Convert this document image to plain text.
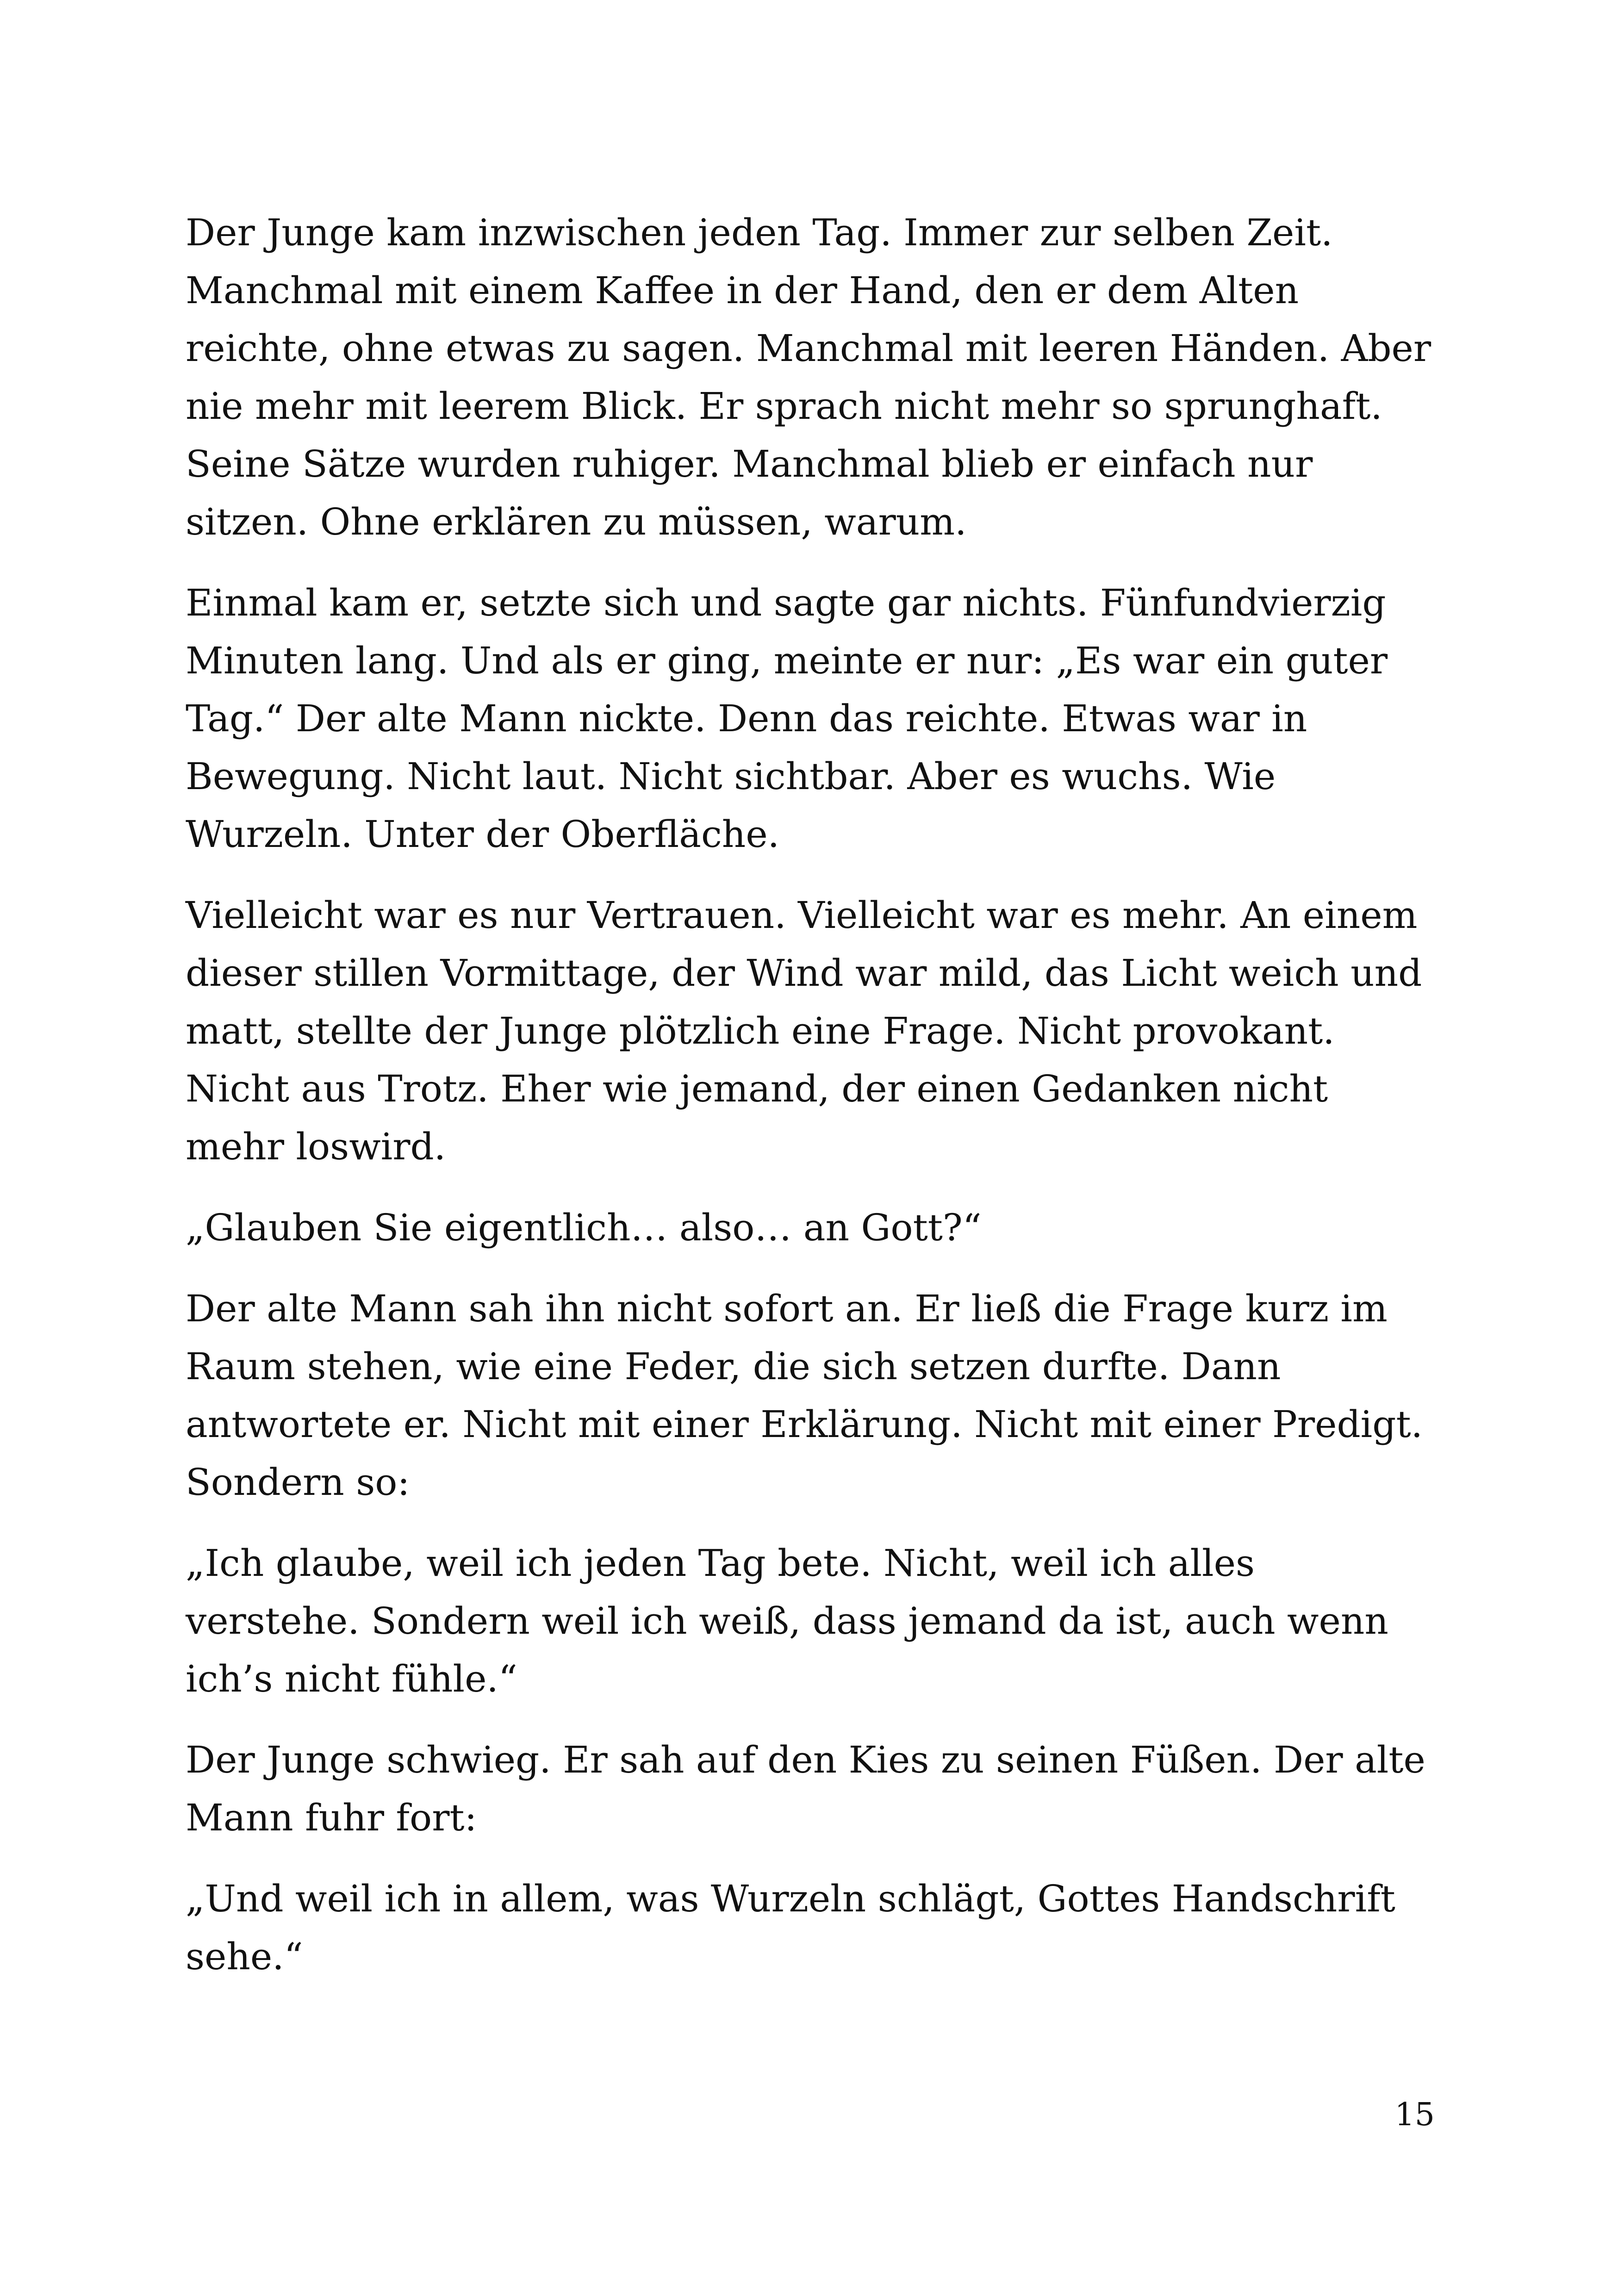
Der Junge kam inzwischen jeden Tag. Immer zur selben Zeit. Manchmal mit einem Kaffee in der Hand, den er dem Alten reichte, ohne etwas zu sagen. Manchmal mit leeren Händen. Aber nie mehr mit leerem Blick. Er sprach nicht mehr so sprunghaft. Seine Sätze wurden ruhiger. Manchmal blieb er einfach nur sitzen. Ohne erklären zu müssen, warum.

Einmal kam er, setzte sich und sagte gar nichts. Fünfundvierzig Minuten lang. Und als er ging, meinte er nur: „Es war ein guter Tag.“ Der alte Mann nickte. Denn das reichte. Etwas war in Bewegung. Nicht laut. Nicht sichtbar. Aber es wuchs. Wie Wurzeln. Unter der Oberfläche.

Vielleicht war es nur Vertrauen. Vielleicht war es mehr. An einem dieser stillen Vormittage, der Wind war mild, das Licht weich und matt, stellte der Junge plötzlich eine Frage. Nicht provokant. Nicht aus Trotz. Eher wie jemand, der einen Gedanken nicht mehr loswird.

„Glauben Sie eigentlich… also… an Gott?“

Der alte Mann sah ihn nicht sofort an. Er ließ die Frage kurz im Raum stehen, wie eine Feder, die sich setzen durfte. Dann antwortete er. Nicht mit einer Erklärung. Nicht mit einer Predigt. Sondern so:

„Ich glaube, weil ich jeden Tag bete. Nicht, weil ich alles verstehe. Sondern weil ich weiß, dass jemand da ist, auch wenn ich’s nicht fühle.“

Der Junge schwieg. Er sah auf den Kies zu seinen Füßen. Der alte Mann fuhr fort:

„Und weil ich in allem, was Wurzeln schlägt, Gottes Handschrift sehe.“

15
